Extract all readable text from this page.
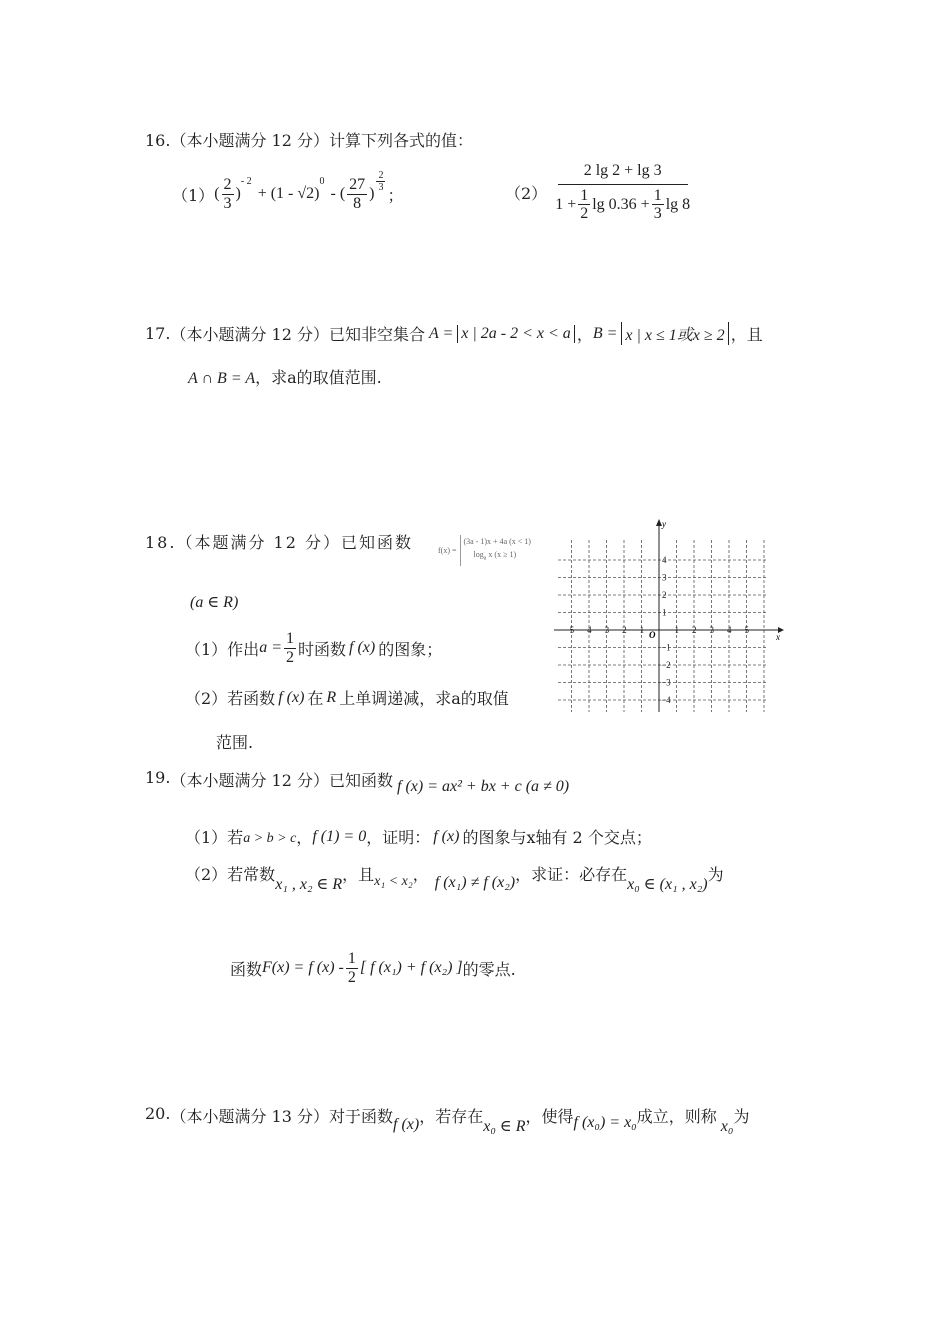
16.（本小题满分 12 分）计算下列各式的值：
（1） ( $\frac{2}{3}$ )
$^{- 2}$
+ (1 - √2)
$^0$
- ( $\frac{27}{8}$ )
$\frac{2}{3}$
；	$(2) \frac{2 \lg 2 + \lg 3}{1 + \frac{1}{2} \lg 0.36 + \frac{1}{3} \lg 8}$
17. （本小题满分 12 分）已知非空集合 A = x | 2a - 2 < x < a ， B = x | x ≤ 1或x ≥ 2 ，且
A ∩ B = A，求a的取值范围.
18.（本题满分 12 分）已知函数	f(x) =
(3a - 1)x + 4a (x < 1)
$\log_a x$ (x ≥ 1)
(a ∈ R)
（1）作出 $a = \frac{1}{2}$ 时函数 f (x) 的图象；
（2）若函数 f (x) 在 R 上单调递减，求a的取值
范围.
y
x
O
−5 −4 −3 −2 −1	1 2 3 4 5
4
3
2
1
−1
−2
−3
−4
19. （本小题满分 12 分）已知函数 f (x) = ax² + bx + c (a ≠ 0)
（1）若 a > b > c ， f (1) = 0 ，证明： f (x) 的图象与x轴有 2 个交点；
（2）若常数
x₁ , x₂ ∈ R
，且 x₁ < x₂ ， f (x₁) ≠ f (x₂) ，求证：必存在
x₀ ∈ (x₁ , x₂)
为
函数 F(x) = f $(x) - \frac{1}{2}$ [ f (x₁) + f (x₂) ] 的零点.
20. （本小题满分 13 分）对于函数 f (x) ，若存在
x₀ ∈ R
，使得 f (x₀) = x₀ 成立，则称
x₀
为
